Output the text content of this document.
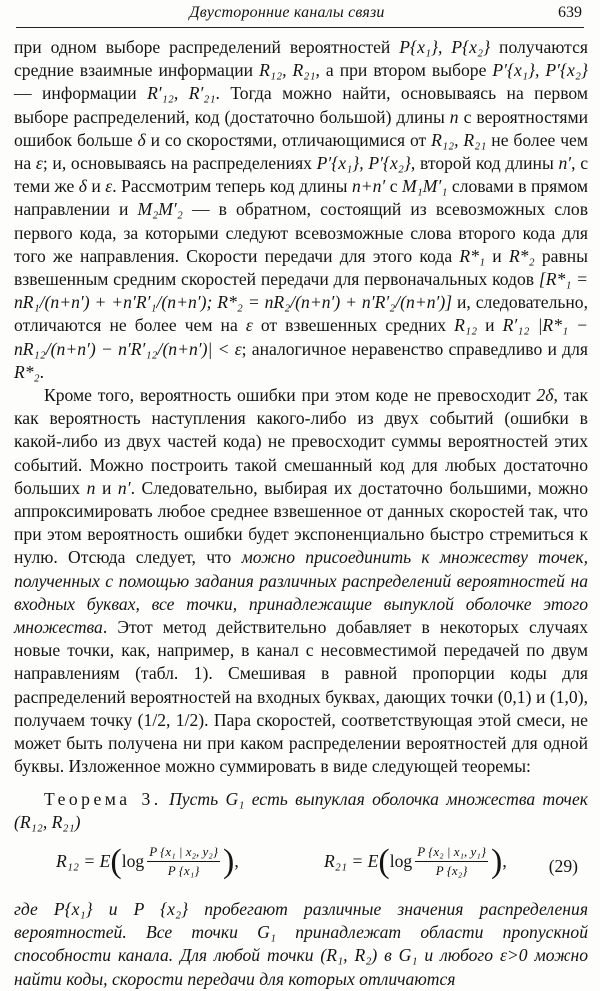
Двусторонние каналы связи	639

при одном выборе распределений вероятностей P{x₁}, P{x₂} получаются средние взаимные информации R₁₂, R₂₁, а при втором выборе P′{x₁}, P′{x₂} — информации R′₁₂, R′₂₁. Тогда можно найти, основываясь на первом выборе распределений, код (достаточно большой) длины n с вероятностями ошибок больше δ и со скоростями, отличающимися от R₁₂, R₂₁ не более чем на ε; и, основываясь на распределениях P′{x₁}, P′{x₂}, второй код длины n′, с теми же δ и ε. Рассмотрим теперь код длины n+n′ с M₁M′₁ словами в прямом направлении и M₂M′₂ — в обратном, состоящий из всевозможных слов первого кода, за которыми следуют всевозможные слова второго кода для того же направления. Скорости передачи для этого кода R*₁ и R*₂ равны взвешенным средним скоростей передачи для первоначальных кодов [R*₁ = nR₁/(n+n′) + +n′R′₁/(n+n′); R*₂ = nR₂/(n+n′) + n′R′₂/(n+n′)] и, следовательно, отличаются не более чем на ε от взвешенных средних R₁₂ и R′₁₂ |R*₁ − nR₁₂/(n+n′) − n′R′₁₂/(n+n′)| < ε; аналогичное неравенство справедливо и для R*₂.

Кроме того, вероятность ошибки при этом коде не превосходит 2δ, так как вероятность наступления какого-либо из двух событий (ошибки в какой-либо из двух частей кода) не превосходит суммы вероятностей этих событий. Можно построить такой смешанный код для любых достаточно больших n и n′. Следовательно, выбирая их достаточно большими, можно аппроксимировать любое среднее взвешенное от данных скоростей так, что при этом вероятность ошибки будет экспоненциально быстро стремиться к нулю. Отсюда следует, что можно присоединить к множеству точек, полученных с помощью задания различных распределений вероятностей на входных буквах, все точки, принадлежащие выпуклой оболочке этого множества. Этот метод действительно добавляет в некоторых случаях новые точки, как, например, в канал с несовместимой передачей по двум направлениям (табл. 1). Смешивая в равной пропорции коды для распределений вероятностей на входных буквах, дающих точки (0,1) и (1,0), получаем точку (1/2, 1/2). Пара скоростей, соответствующая этой смеси, не может быть получена ни при каком распределении вероятностей для одной буквы. Изложенное можно суммировать в виде следующей теоремы:

Теорема 3. Пусть G₁ есть выпуклая оболочка множества точек (R₁₂, R₂₁)

R₁₂ = E ( $\log \frac{\text{P \{x₁ | x₂, y₂\}}}{\text{P \{x₁\}}}$ ) ,	R₂₁ = E ( $\log \frac{\text{P \{x₂ | x₁, y₁\}}}{\text{P \{x₂\}}}$ ) , (29)

где P{x₁} и P {x₂} пробегают различные значения распределения вероятностей. Все точки G₁ принадлежат области пропускной способности канала. Для любой точки (R₁, R₂) в G₁ и любого ε>0 можно найти коды, скорости передачи для которых отличаются
